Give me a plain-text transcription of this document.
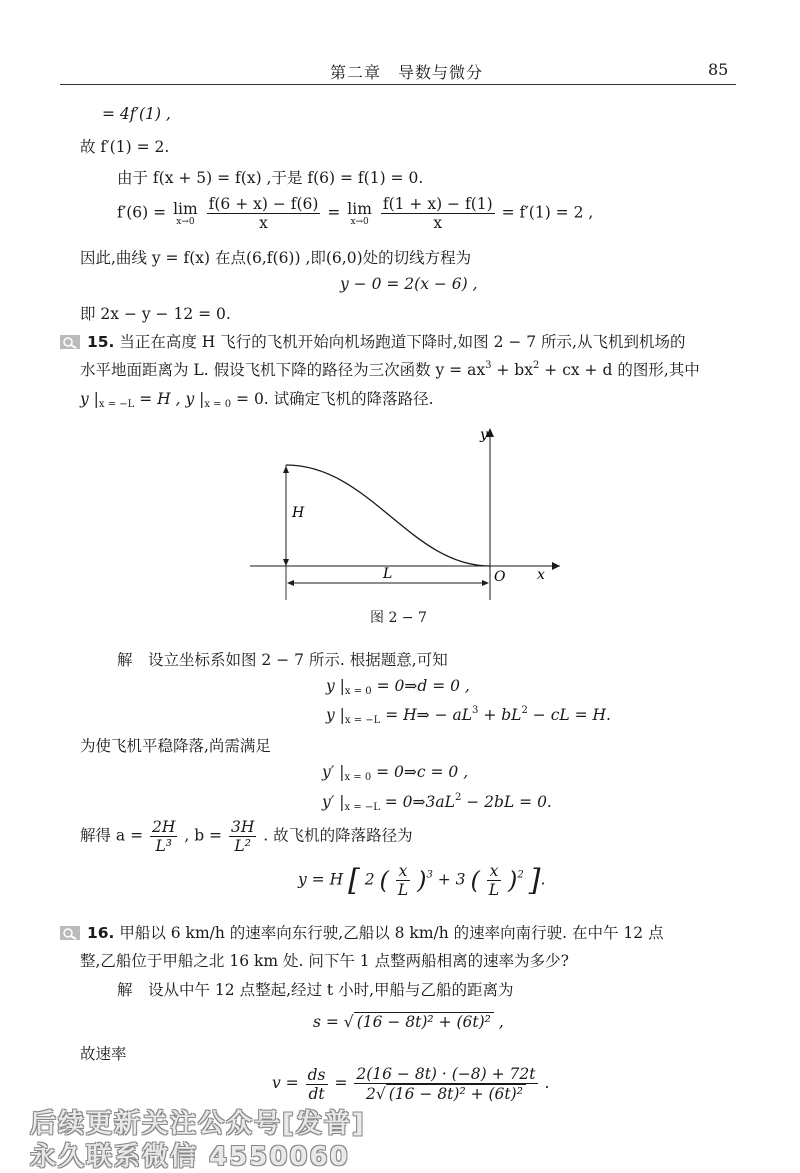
第二章　导数与微分	85
= 4f′(1) ,
故 f′(1) = 2.
由于 f(x + 5) = f(x) ,于是 f(6) = f(1) = 0.
f′(6) = lim
x→0
$\frac{f(6 + x) - f(6)}{x} = \lim$
x→0
$\frac{f(1 + x) - f(1)}{x} = f'(1) = 2$ ,
因此,曲线 y = f(x) 在点(6,f(6)) ,即(6,0)处的切线方程为
y − 0 = 2(x − 6) ,
即 2x − y − 12 = 0.
15. 当正在高度 H 飞行的飞机开始向机场跑道下降时,如图 2 − 7 所示,从飞机到机场的
水平地面距离为 L. 假设飞机下降的路径为三次函数 $y = ax^3 + bx^2$ + cx + d 的图形,其中
y $|_{x = -L} = H$ , y $|_{x = 0} = 0$. 试确定飞机的降落路径.
y
x
O
H
L
图 2 − 7
解　设立坐标系如图 2 − 7 所示. 根据题意,可知
y $|_{x = 0}$ = 0⇒d = 0 ,
y $|_{x = -L}$ = H⇒ − $aL^3 + bL^2$ − cL = H.
为使飞机平稳降落,尚需满足
y′ $|_{x = 0}$ = 0⇒c = 0 ,
y′ $|_{x = -L}$ = $0\Rightarrow 3aL^2 - 2bL = 0$.
解得 $a = \frac{2H}{\text{L³}}$ , $b = \frac{3H}{\text{L²}}$ . 故飞机的降落路径为
y = H [ 2 ( $\frac{x}{L} )^3 + 3$ ( $\frac{x}{L} )^2$ ].
16. 甲船以 6 km/h 的速率向东行驶,乙船以 8 km/h 的速率向南行驶. 在中午 12 点
整,乙船位于甲船之北 16 km 处. 问下午 1 点整两船相离的速率为多少?
解　设从中午 12 点整起,经过 t 小时,甲船与乙船的距离为
s = √ (16 − 8t)² + (6t)² ,
故速率
$v = \frac{ds}{dt} = \frac{2(16 - 8t) \cdot (-8) + 72t}{\text{2√ (16 − 8t)² + (6t)²}}$ .
后续更新关注公众号[发普]
永久联系微信 4550060
